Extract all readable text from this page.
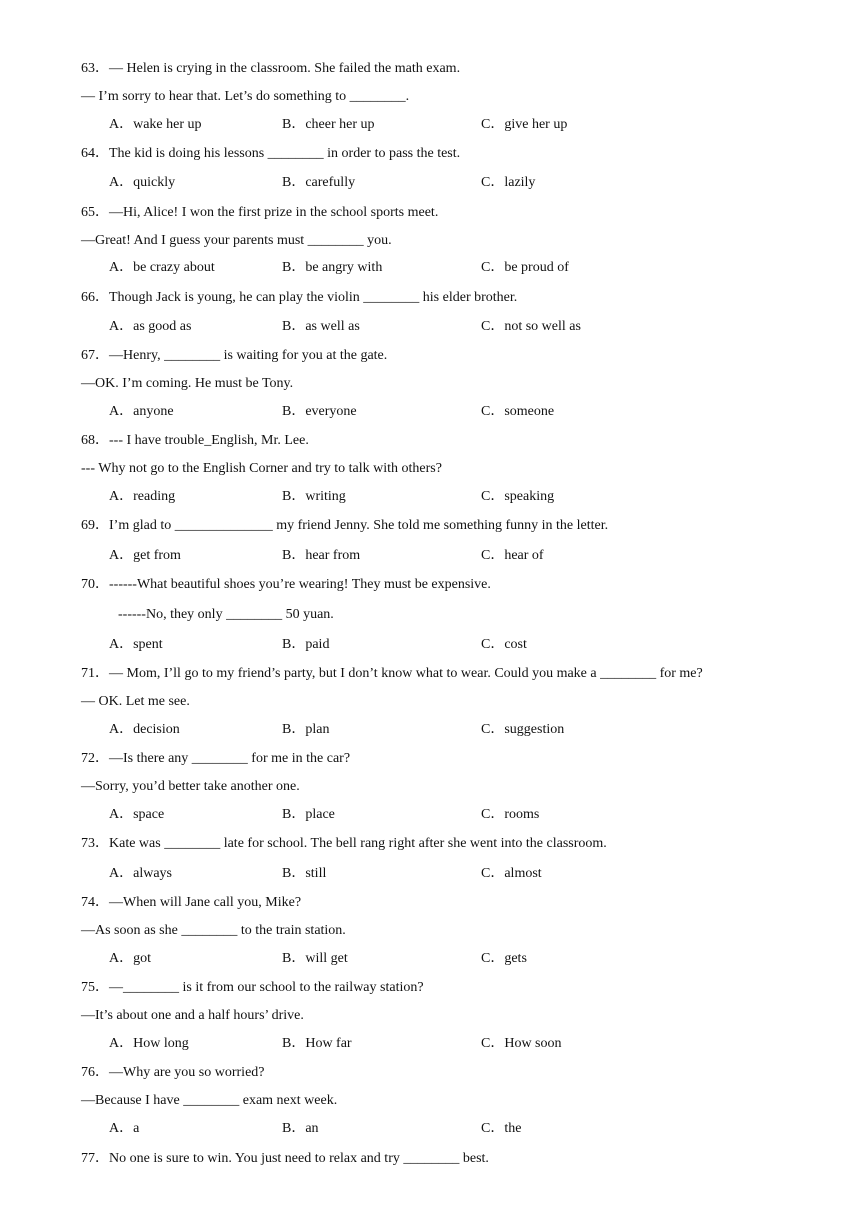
63．— Helen is crying in the classroom. She failed the math exam.
— I’m sorry to hear that. Let’s do something to ________.
A．wake her up	B．cheer her up	C．give her up
64．The kid is doing his lessons ________ in order to pass the test.
A．quickly	B．carefully	C．lazily
65．—Hi, Alice! I won the first prize in the school sports meet.
—Great! And I guess your parents must ________ you.
A．be crazy about	B．be angry with	C．be proud of
66．Though Jack is young, he can play the violin ________ his elder brother.
A．as good as	B．as well as	C．not so well as
67．—Henry, ________ is waiting for you at the gate.
—OK. I’m coming. He must be Tony.
A．anyone	B．everyone	C．someone
68．--- I have trouble_English, Mr. Lee.
--- Why not go to the English Corner and try to talk with others?
A．reading	B．writing	C．speaking
69．I’m glad to ______________ my friend Jenny. She told me something funny in the letter.
A．get from	B．hear from	C．hear of
70．------What beautiful shoes you’re wearing! They must be expensive.
------No, they only ________ 50 yuan.
A．spent	B．paid	C．cost
71．— Mom, I’ll go to my friend’s party, but I don’t know what to wear. Could you make a ________ for me?
— OK. Let me see.
A．decision	B．plan	C．suggestion
72．—Is there any ________ for me in the car?
—Sorry, you’d better take another one.
A．space	B．place	C．rooms
73．Kate was ________ late for school. The bell rang right after she went into the classroom.
A．always	B．still	C．almost
74．—When will Jane call you, Mike?
—As soon as she ________ to the train station.
A．got	B．will get	C．gets
75．—________ is it from our school to the railway station?
—It’s about one and a half hours’ drive.
A．How long	B．How far	C．How soon
76．—Why are you so worried?
—Because I have ________ exam next week.
A．a	B．an	C．the
77．No one is sure to win. You just need to relax and try ________ best.
